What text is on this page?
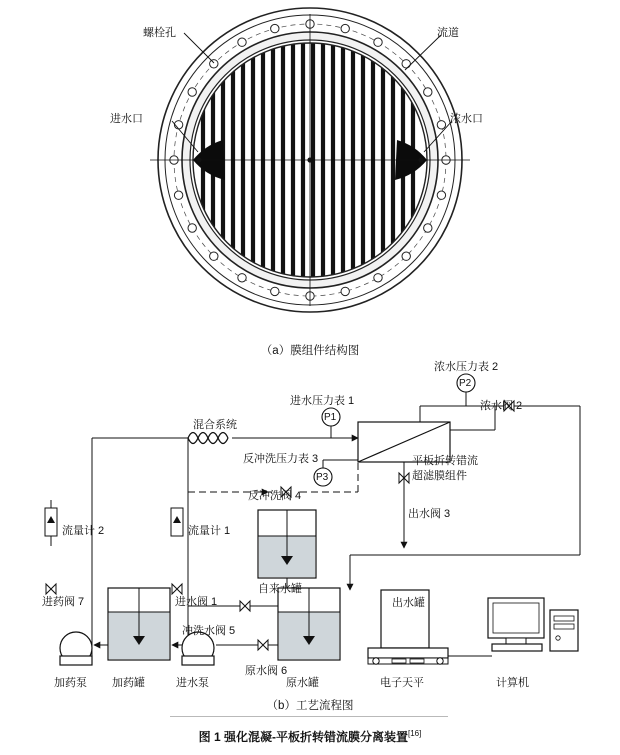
螺栓孔	流道
进水口	浓水口
（a）膜组件结构图
混合系统
进水压力表 1
P1
浓水压力表 2
P2
浓水阀 2
反冲洗压力表 3
P3
反冲洗阀 4
平板折转错流
超滤膜组件
出水阀 3
流量计 2	流量计 1
自来水罐
出水罐
进药阀 7	进水阀 1
冲洗水阀 5
原水阀 6
加药泵 加药罐	进水泵	原水罐	电子天平	计算机
（b）工艺流程图
图 1 强化混凝-平板折转错流膜分离装置[16]
